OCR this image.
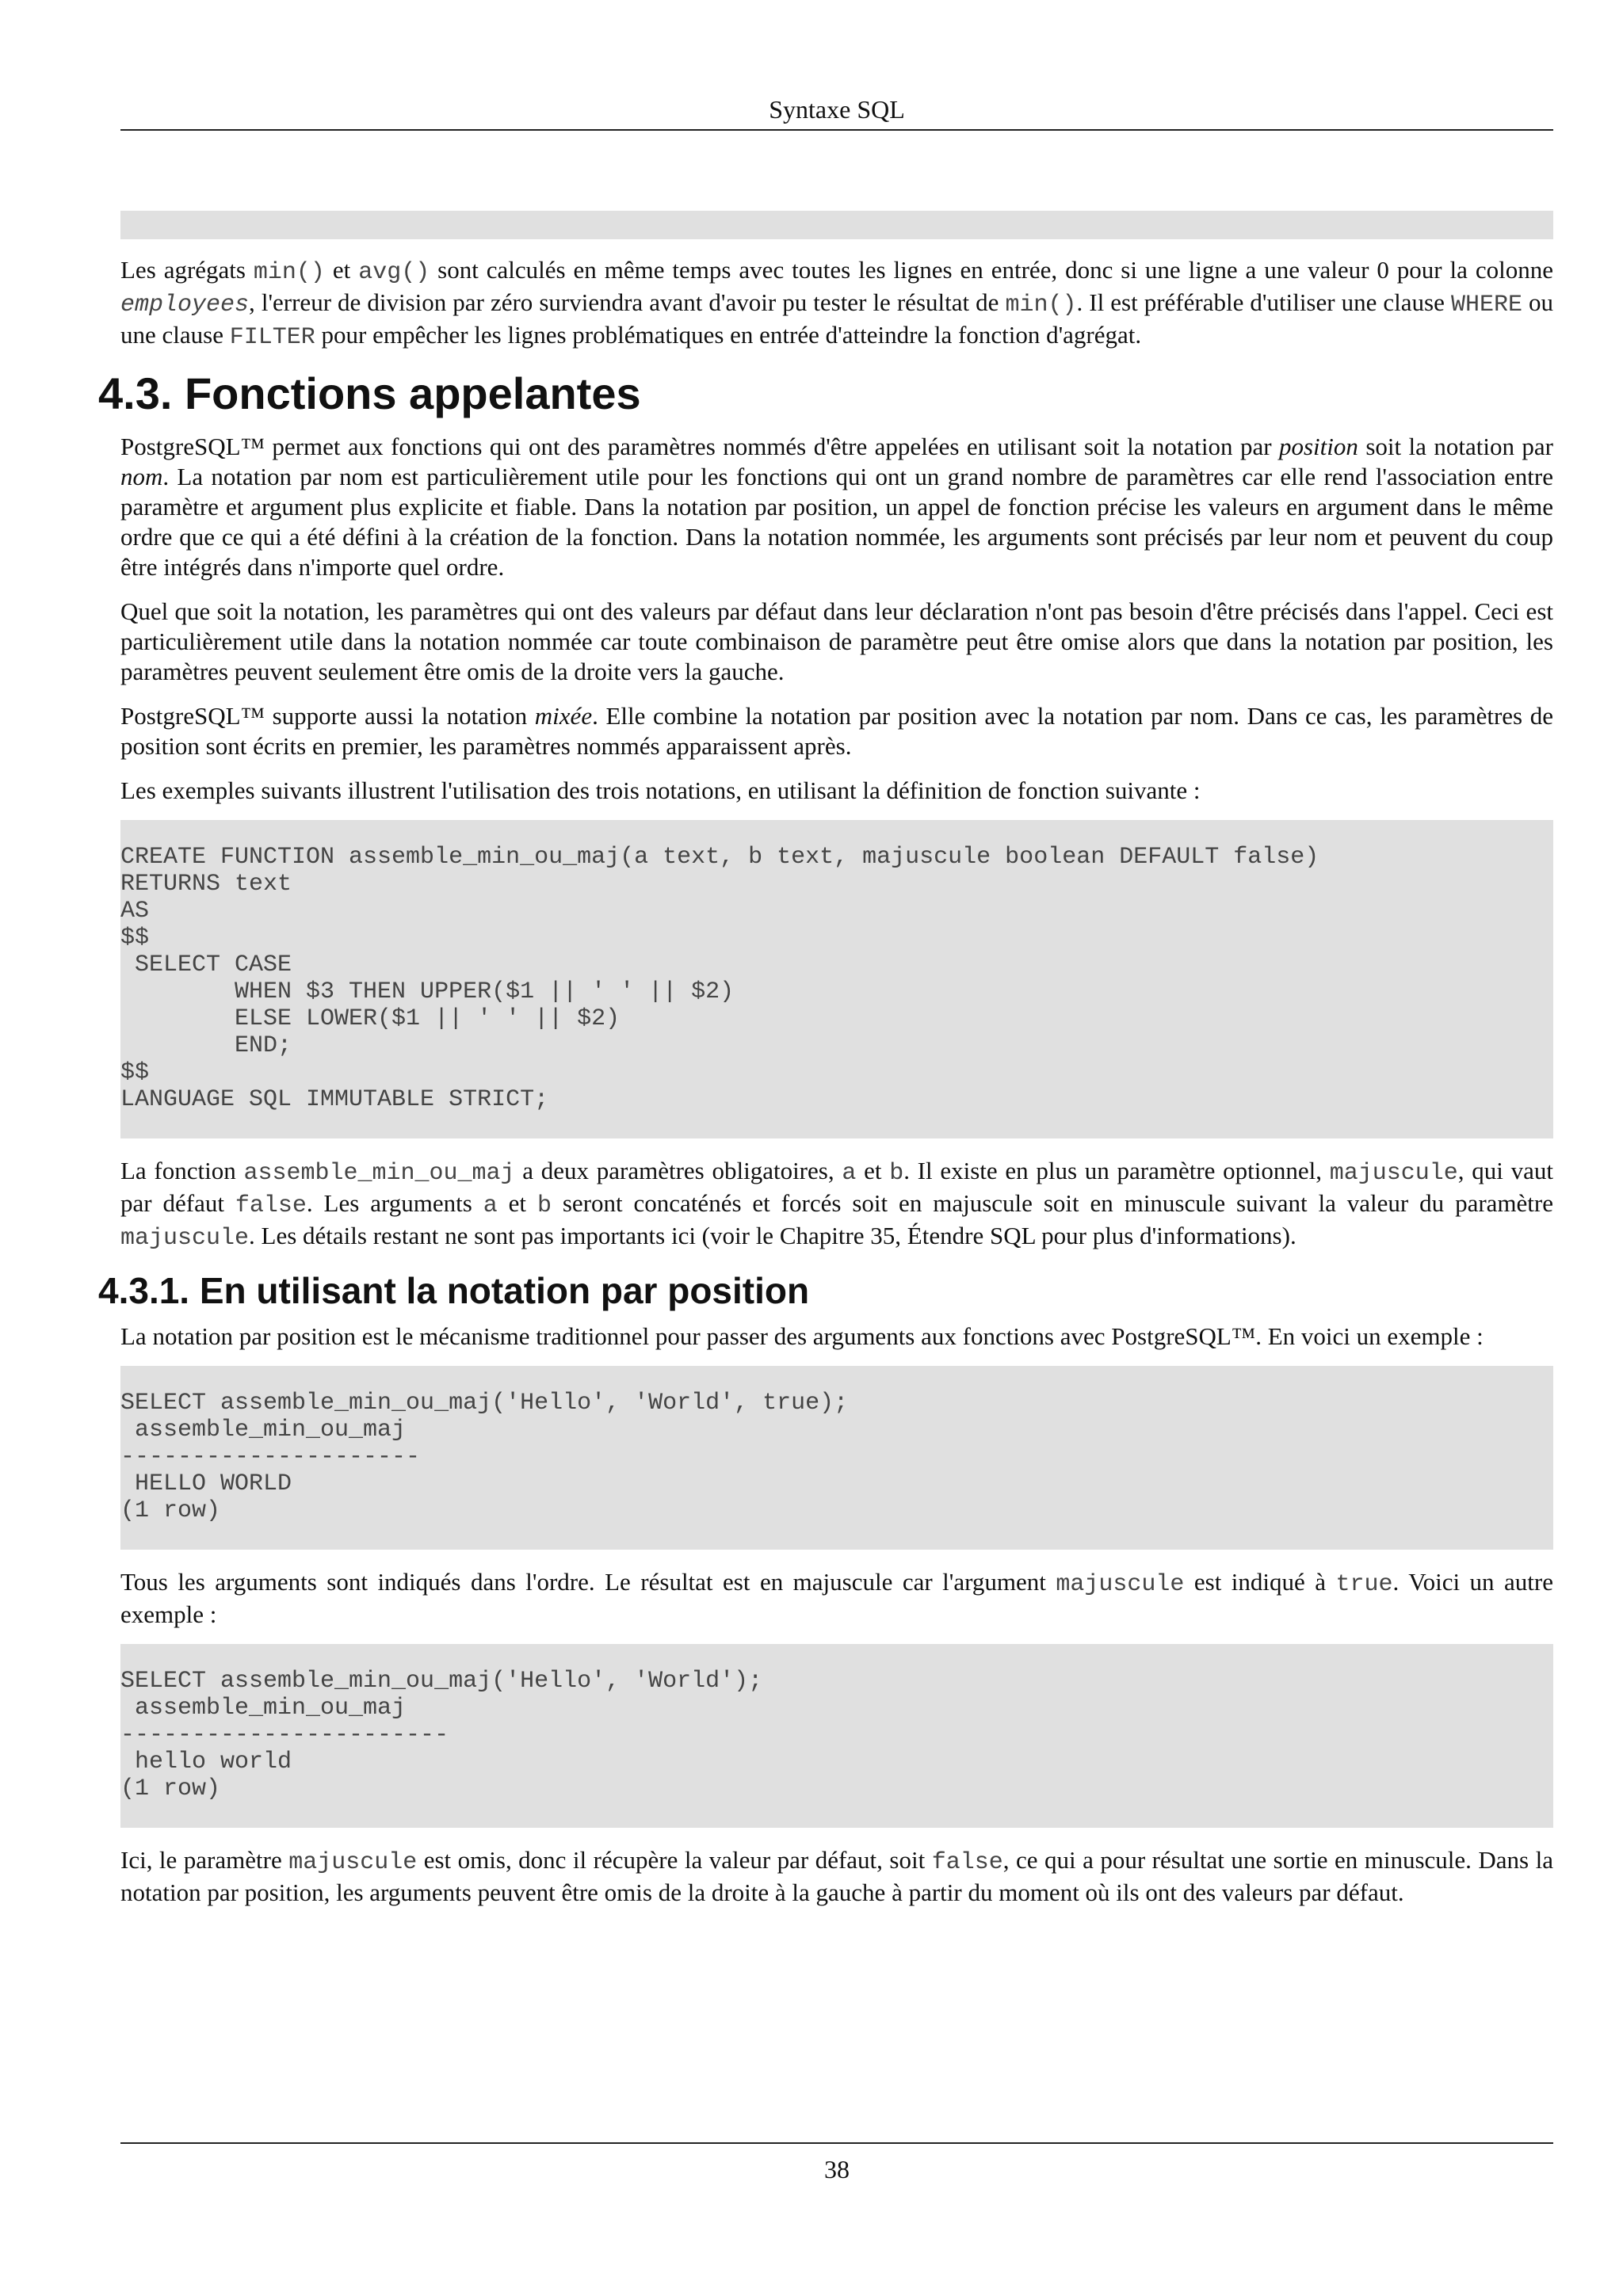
Syntaxe SQL

Les agrégats min() et avg() sont calculés en même temps avec toutes les lignes en entrée, donc si une ligne a une valeur 0 pour la colonne employees, l'erreur de division par zéro surviendra avant d'avoir pu tester le résultat de min(). Il est préférable d'utiliser une clause WHERE ou une clause FILTER pour empêcher les lignes problématiques en entrée d'atteindre la fonction d'agrégat.

4.3. Fonctions appelantes

PostgreSQL™ permet aux fonctions qui ont des paramètres nommés d'être appelées en utilisant soit la notation par position soit la notation par nom. La notation par nom est particulièrement utile pour les fonctions qui ont un grand nombre de paramètres car elle rend l'association entre paramètre et argument plus explicite et fiable. Dans la notation par position, un appel de fonction précise les valeurs en argument dans le même ordre que ce qui a été défini à la création de la fonction. Dans la notation nommée, les arguments sont précisés par leur nom et peuvent du coup être intégrés dans n'importe quel ordre.

Quel que soit la notation, les paramètres qui ont des valeurs par défaut dans leur déclaration n'ont pas besoin d'être précisés dans l'appel. Ceci est particulièrement utile dans la notation nommée car toute combinaison de paramètre peut être omise alors que dans la notation par position, les paramètres peuvent seulement être omis de la droite vers la gauche.

PostgreSQL™ supporte aussi la notation mixée. Elle combine la notation par position avec la notation par nom. Dans ce cas, les paramètres de position sont écrits en premier, les paramètres nommés apparaissent après.

Les exemples suivants illustrent l'utilisation des trois notations, en utilisant la définition de fonction suivante :

CREATE FUNCTION assemble_min_ou_maj(a text, b text, majuscule boolean DEFAULT false)
RETURNS text
AS
$$
SELECT CASE
WHEN $3 THEN UPPER($1 || ' ' || $2)
ELSE LOWER($1 || ' ' || $2)
END;
$$
LANGUAGE SQL IMMUTABLE STRICT;

La fonction assemble_min_ou_maj a deux paramètres obligatoires, a et b. Il existe en plus un paramètre optionnel, majuscule, qui vaut par défaut false. Les arguments a et b seront concaténés et forcés soit en majuscule soit en minuscule suivant la valeur du paramètre majuscule. Les détails restant ne sont pas importants ici (voir le Chapitre 35, Étendre SQL pour plus d'informations).

4.3.1. En utilisant la notation par position

La notation par position est le mécanisme traditionnel pour passer des arguments aux fonctions avec PostgreSQL™. En voici un exemple :

SELECT assemble_min_ou_maj('Hello', 'World', true);
assemble_min_ou_maj
---------------------
HELLO WORLD
(1 row)

Tous les arguments sont indiqués dans l'ordre. Le résultat est en majuscule car l'argument majuscule est indiqué à true. Voici un autre exemple :

SELECT assemble_min_ou_maj('Hello', 'World');
assemble_min_ou_maj
-----------------------
hello world
(1 row)

Ici, le paramètre majuscule est omis, donc il récupère la valeur par défaut, soit false, ce qui a pour résultat une sortie en minuscule. Dans la notation par position, les arguments peuvent être omis de la droite à la gauche à partir du moment où ils ont des valeurs par défaut.

38
